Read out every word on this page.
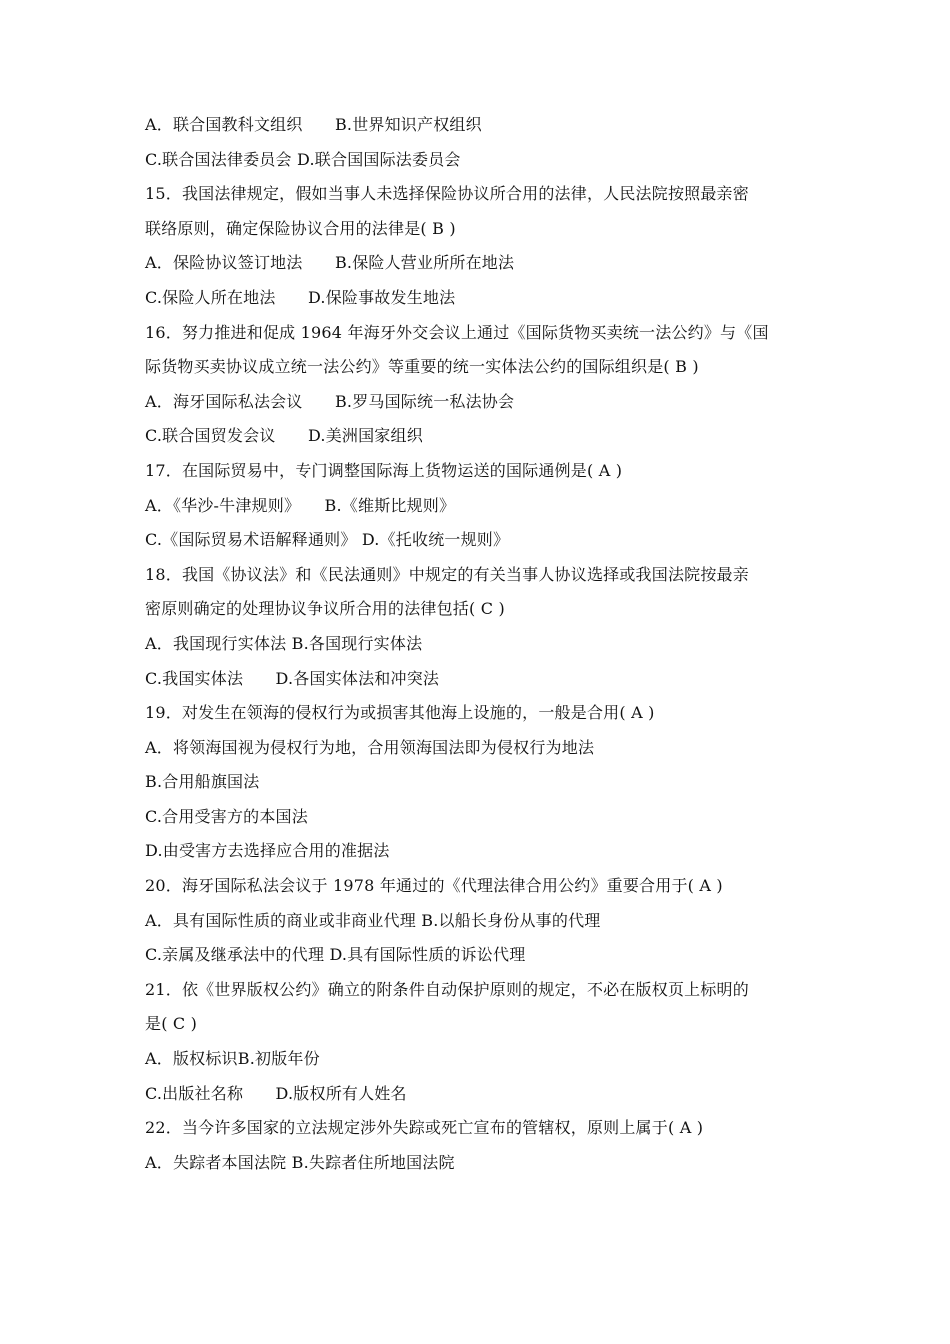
A．联合国教科文组织　　B.世界知识产权组织
C.联合国法律委员会 D.联合国国际法委员会
15．我国法律规定，假如当事人未选择保险协议所合用的法律，人民法院按照最亲密
联络原则，确定保险协议合用的法律是( B )
A．保险协议签订地法　　B.保险人营业所所在地法
C.保险人所在地法　　D.保险事故发生地法
16．努力推进和促成 1964 年海牙外交会议上通过《国际货物买卖统一法公约》与《国
际货物买卖协议成立统一法公约》等重要的统一实体法公约的国际组织是( B )
A．海牙国际私法会议　　B.罗马国际统一私法协会
C.联合国贸发会议　　D.美洲国家组织
17．在国际贸易中，专门调整国际海上货物运送的国际通例是( A )
A．《华沙-牛津规则》　　B.《维斯比规则》
C.《国际贸易术语解释通则》 D.《托收统一规则》
18．我国《协议法》和《民法通则》中规定的有关当事人协议选择或我国法院按最亲
密原则确定的处理协议争议所合用的法律包括( C )
A．我国现行实体法 B.各国现行实体法
C.我国实体法　　D.各国实体法和冲突法
19．对发生在领海的侵权行为或损害其他海上设施的，一般是合用( A )
A．将领海国视为侵权行为地，合用领海国法即为侵权行为地法
B.合用船旗国法
C.合用受害方的本国法
D.由受害方去选择应合用的准据法
20．海牙国际私法会议于 1978 年通过的《代理法律合用公约》重要合用于( A )
A．具有国际性质的商业或非商业代理 B.以船长身份从事的代理
C.亲属及继承法中的代理 D.具有国际性质的诉讼代理
21．依《世界版权公约》确立的附条件自动保护原则的规定，不必在版权页上标明的
是( C )
A．版权标识B.初版年份
C.出版社名称　　D.版权所有人姓名
22．当今许多国家的立法规定涉外失踪或死亡宣布的管辖权，原则上属于( A )
A．失踪者本国法院 B.失踪者住所地国法院
